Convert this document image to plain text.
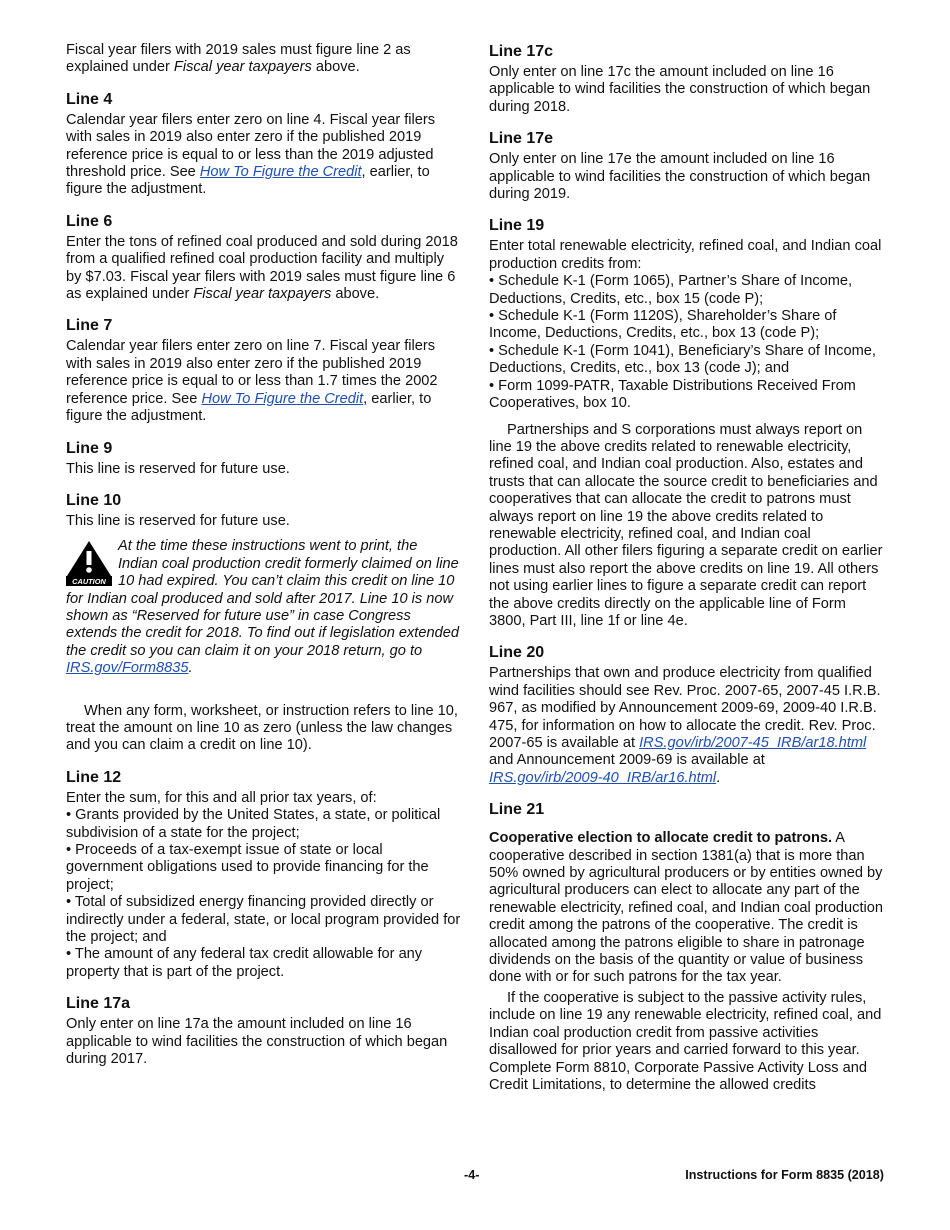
Fiscal year filers with 2019 sales must figure line 2 as explained under Fiscal year taxpayers above.

Line 4

Calendar year filers enter zero on line 4. Fiscal year filers with sales in 2019 also enter zero if the published 2019 reference price is equal to or less than the 2019 adjusted threshold price. See How To Figure the Credit, earlier, to figure the adjustment.

Line 6

Enter the tons of refined coal produced and sold during 2018 from a qualified refined coal production facility and multiply by $7.03. Fiscal year filers with 2019 sales must figure line 6 as explained under Fiscal year taxpayers above.

Line 7

Calendar year filers enter zero on line 7. Fiscal year filers with sales in 2019 also enter zero if the published 2019 reference price is equal to or less than 1.7 times the 2002 reference price. See How To Figure the Credit, earlier, to figure the adjustment.

Line 9

This line is reserved for future use.

Line 10

This line is reserved for future use.

CAUTION
At the time these instructions went to print, the Indian coal production credit formerly claimed on line 10 had expired. You can’t claim this credit on line 10 for Indian coal produced and sold after 2017. Line 10 is now shown as “Reserved for future use” in case Congress extends the credit for 2018. To find out if legislation extended the credit so you can claim it on your 2018 return, go to IRS.gov/Form8835.

When any form, worksheet, or instruction refers to line 10, treat the amount on line 10 as zero (unless the law changes and you can claim a credit on line 10).

Line 12

Enter the sum, for this and all prior tax years, of:

• Grants provided by the United States, a state, or political subdivision of a state for the project;
• Proceeds of a tax-exempt issue of state or local government obligations used to provide financing for the project;
• Total of subsidized energy financing provided directly or indirectly under a federal, state, or local program provided for the project; and
• The amount of any federal tax credit allowable for any property that is part of the project.
Line 17a

Only enter on line 17a the amount included on line 16 applicable to wind facilities the construction of which began during 2017.

Line 17c

Only enter on line 17c the amount included on line 16 applicable to wind facilities the construction of which began during 2018.

Line 17e

Only enter on line 17e the amount included on line 16 applicable to wind facilities the construction of which began during 2019.

Line 19

Enter total renewable electricity, refined coal, and Indian coal production credits from:

• Schedule K-1 (Form 1065), Partner’s Share of Income, Deductions, Credits, etc., box 15 (code P);
• Schedule K-1 (Form 1120S), Shareholder’s Share of Income, Deductions, Credits, etc., box 13 (code P);
• Schedule K-1 (Form 1041), Beneficiary’s Share of Income, Deductions, Credits, etc., box 13 (code J); and
• Form 1099-PATR, Taxable Distributions Received From Cooperatives, box 10.

Partnerships and S corporations must always report on line 19 the above credits related to renewable electricity, refined coal, and Indian coal production. Also, estates and trusts that can allocate the source credit to beneficiaries and cooperatives that can allocate the credit to patrons must always report on line 19 the above credits related to renewable electricity, refined coal, and Indian coal production. All other filers figuring a separate credit on earlier lines must also report the above credits on line 19. All others not using earlier lines to figure a separate credit can report the above credits directly on the applicable line of Form 3800, Part III, line 1f or line 4e.

Line 20

Partnerships that own and produce electricity from qualified wind facilities should see Rev. Proc. 2007-65, 2007-45 I.R.B. 967, as modified by Announcement 2009-69, 2009-40 I.R.B. 475, for information on how to allocate the credit. Rev. Proc. 2007-65 is available at IRS.gov/irb/2007-45_IRB/ar18.html and Announcement 2009-69 is available at
IRS.gov/irb/2009-40_IRB/ar16.html.

Line 21

Cooperative election to allocate credit to patrons. A cooperative described in section 1381(a) that is more than 50% owned by agricultural producers or by entities owned by agricultural producers can elect to allocate any part of the renewable electricity, refined coal, and Indian coal production credit among the patrons of the cooperative. The credit is allocated among the patrons eligible to share in patronage dividends on the basis of the quantity or value of business done with or for such patrons for the tax year.

If the cooperative is subject to the passive activity rules, include on line 19 any renewable electricity, refined coal, and Indian coal production credit from passive activities disallowed for prior years and carried forward to this year. Complete Form 8810, Corporate Passive Activity Loss and Credit Limitations, to determine the allowed credits

-4-	Instructions for Form 8835 (2018)
